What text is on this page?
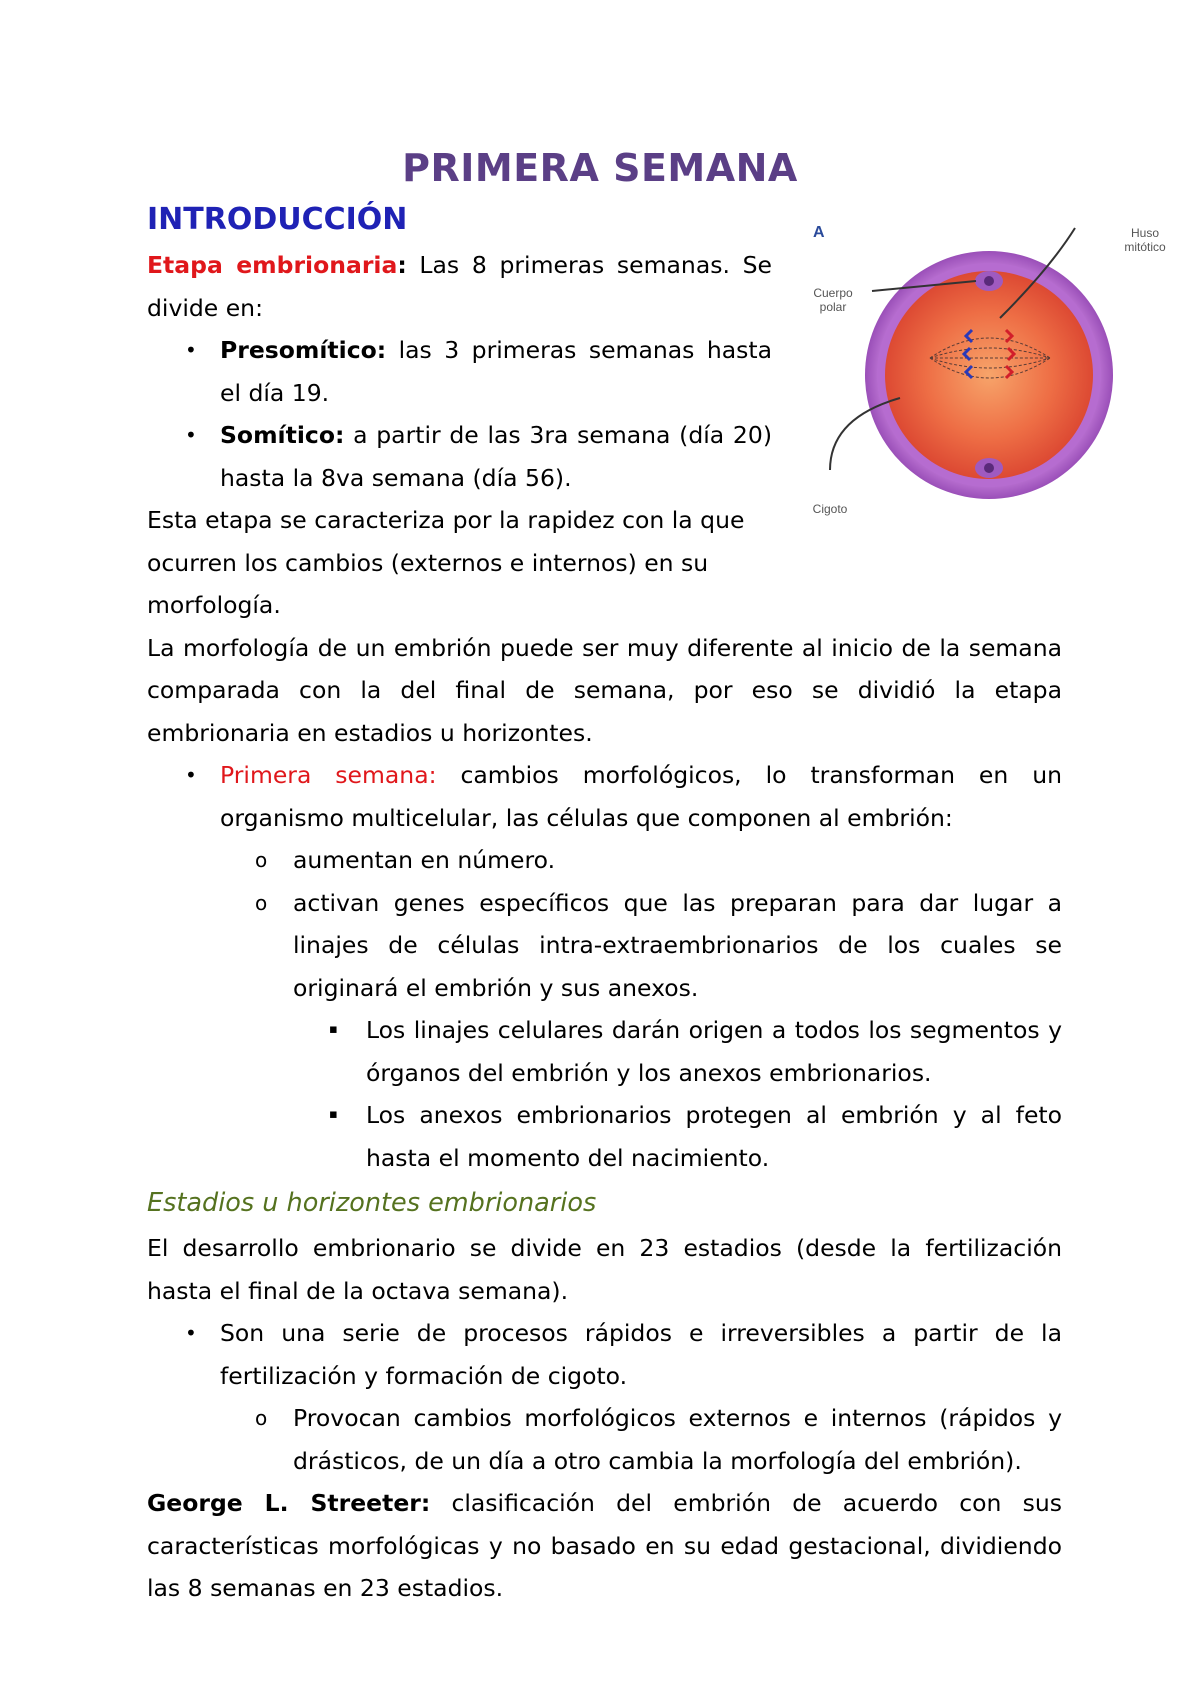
PRIMERA SEMANA
A	Huso mitótico
Cuerpo polar
Cigoto

INTRODUCCIÓN

Etapa embrionaria: Las 8 primeras semanas. Se divide en:

• Presomítico: las 3 primeras semanas hasta el día 19.
• Somítico: a partir de las 3ra semana (día 20) hasta la 8va semana (día 56).

Esta etapa se caracteriza por la rapidez con la que ocurren los cambios (externos e internos) en su morfología.

La morfología de un embrión puede ser muy diferente al inicio de la semana comparada con la del final de semana, por eso se dividió la etapa embrionaria en estadios u horizontes.

• Primera semana: cambios morfológicos, lo transforman en un organismo multicelular, las células que componen al embrión:
o aumentan en número.
o activan genes específicos que las preparan para dar lugar a linajes de células intra-extraembrionarios de los cuales se originará el embrión y sus anexos.
▪ Los linajes celulares darán origen a todos los segmentos y órganos del embrión y los anexos embrionarios.
▪ Los anexos embrionarios protegen al embrión y al feto hasta el momento del nacimiento.

Estadios u horizontes embrionarios

El desarrollo embrionario se divide en 23 estadios (desde la fertilización hasta el final de la octava semana).

• Son una serie de procesos rápidos e irreversibles a partir de la fertilización y formación de cigoto.
o Provocan cambios morfológicos externos e internos (rápidos y drásticos, de un día a otro cambia la morfología del embrión).

George L. Streeter: clasificación del embrión de acuerdo con sus características morfológicas y no basado en su edad gestacional, dividiendo las 8 semanas en 23 estadios.
